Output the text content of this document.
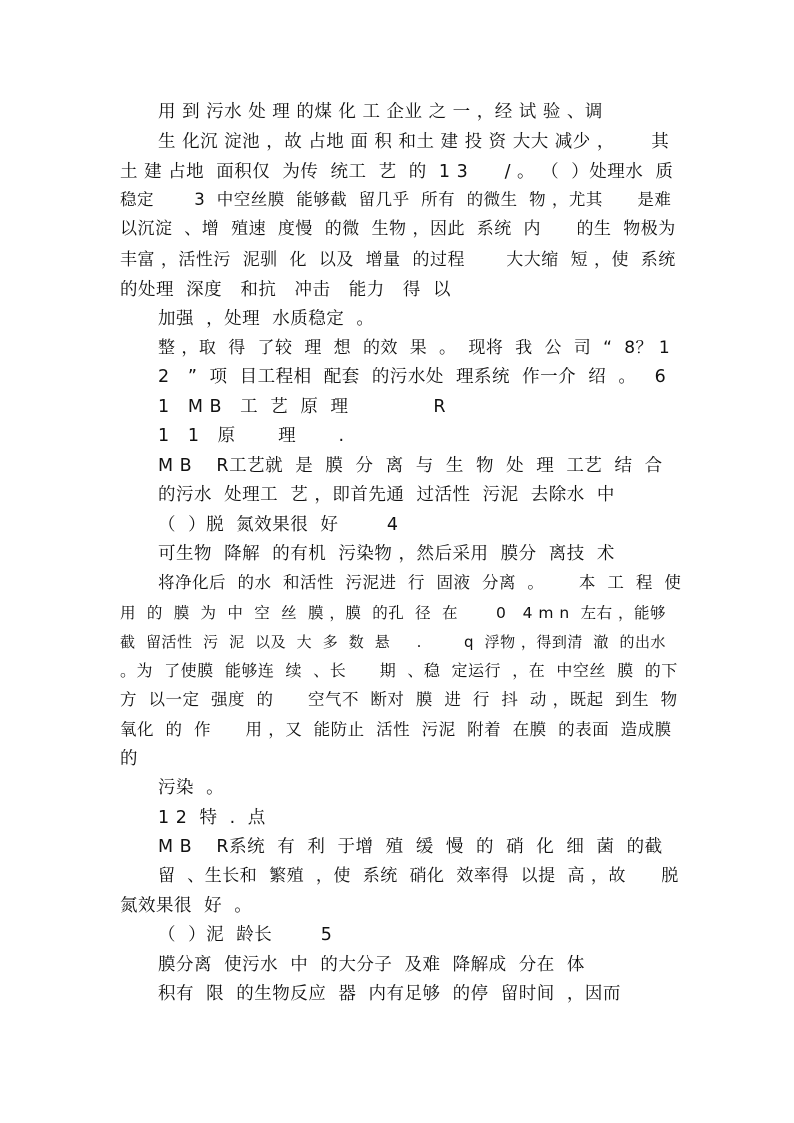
用 到 污水 处 理 的煤 化 工 企业 之 一 ，经 试 验 、调
生 化沉 淀池 ，故 占地 面 积 和土 建 投 资 大大 减少 ，      其
土 建 占地  面积仅  为传  统工  艺  的  1 3      / 。 （  ）处理水  质
稳定       3  中空丝膜  能够截  留几乎  所有  的微生  物 ，尤其      是难
以沉淀  、增  殖速  度慢  的微  生物 ，因此  系统  内      的生  物极为
丰富 ，活性污  泥驯  化  以及  增量  的过程       大大缩  短 ，使  系统
的处理  深度   和抗   冲击   能力   得  以
加强  ，处理  水质稳定  。
整 ，取  得  了较  理  想  的效  果  。  现将  我  公  司  “  8？ 1
2   ”  项  目工程相  配套  的污水处  理系统  作一介  绍  。   6
1   M B   工  艺  原  理              R
1   1   原       理       .
M B    R工艺就  是  膜  分  离  与  生  物  处  理  工艺  结  合
的污水  处理工  艺 ，即首先通  过活性  污泥  去除水  中
（  ）脱  氮效果很  好        4
可生物  降解  的有机  污染物 ，然后采用  膜分  离技  术
将净化后  的水  和活性  污泥进  行  固液  分离  。      本  工  程  使
用  的  膜  为  中  空  丝  膜 ，膜  的孔  径  在       0   4 m n  左右 ，能够
截  留活性  污  泥  以及  大  多  数  悬     .        q  浮物 ，得到清  澈  的出水
。为  了使膜  能够连  续  、长      期  、稳  定运行  ，在  中空丝  膜  的下
方  以一定  强度  的      空气不  断对  膜  进  行  抖  动 ，既起  到生  物
氧化  的  作      用 ，又  能防止  活性  污泥  附着  在膜  的表面  造成膜
的
污染  。
1 2  特  .  点
M B    R系统  有  利  于增  殖  缓  慢  的  硝  化  细  菌  的截
留  、生长和  繁殖  ，使  系统  硝化  效率得  以提  高 ，故      脱
氮效果很  好  。
（  ）泥  龄长        5
膜分离  使污水  中  的大分子  及难  降解成  分在  体
积有  限  的生物反应  器  内有足够  的停  留时间  ，因而
